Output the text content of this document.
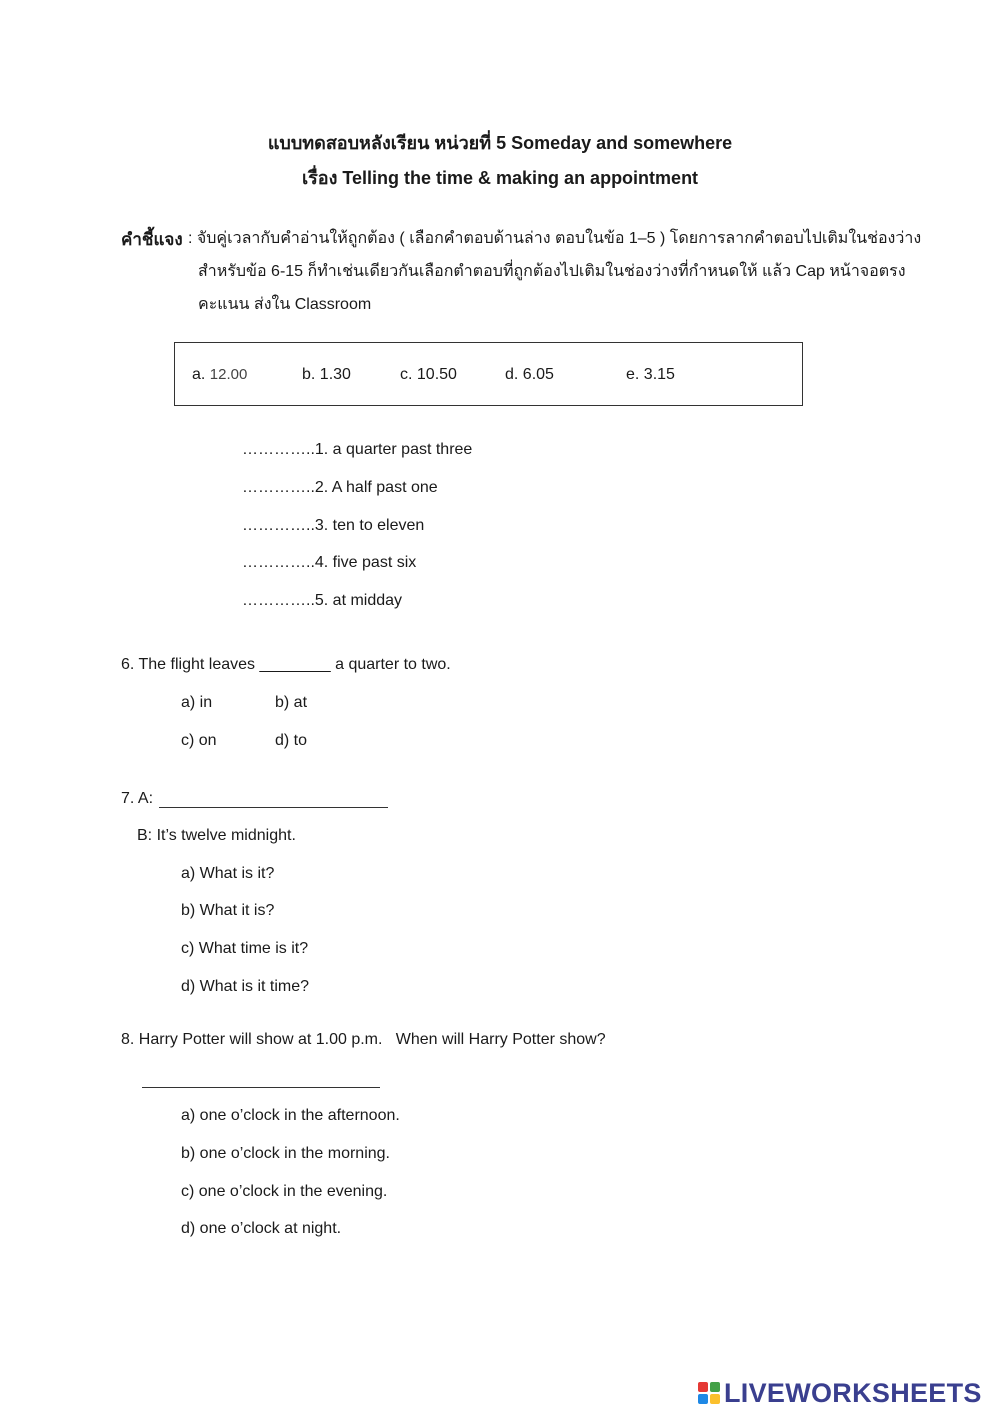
แบบทดสอบหลังเรียน หน่วยที่ 5 Someday and somewhere
เรื่อง Telling the time & making an appointment
คำชี้แจง : จับคู่เวลากับคำอ่านให้ถูกต้อง ( เลือกคำตอบด้านล่าง ตอบในข้อ 1–5 ) โดยการลากคำตอบไปเติมในช่องว่าง
สำหรับข้อ 6-15 ก็ทำเช่นเดียวกันเลือกตำตอบที่ถูกต้องไปเติมในช่องว่างที่กำหนดให้ แล้ว Cap หน้าจอตรง
คะแนน ส่งใน Classroom
a. 12.00	b. 1.30	c. 10.50	d. 6.05	e. 3.15
…………..1. a quarter past three
…………..2. A half past one
…………..3. ten to eleven
…………..4. five past six
…………..5. at midday
6. The flight leaves ________ a quarter to two.
a) in	b) at
c) on	d) to
7. A:
B: It’s twelve midnight.
a) What is it?
b) What it is?
c) What time is it?
d) What is it time?
8. Harry Potter will show at 1.00 p.m.   When will Harry Potter show?
a) one o’clock in the afternoon.
b) one o’clock in the morning.
c) one o’clock in the evening.
d) one o’clock at night.
LIVEWORKSHEETS
